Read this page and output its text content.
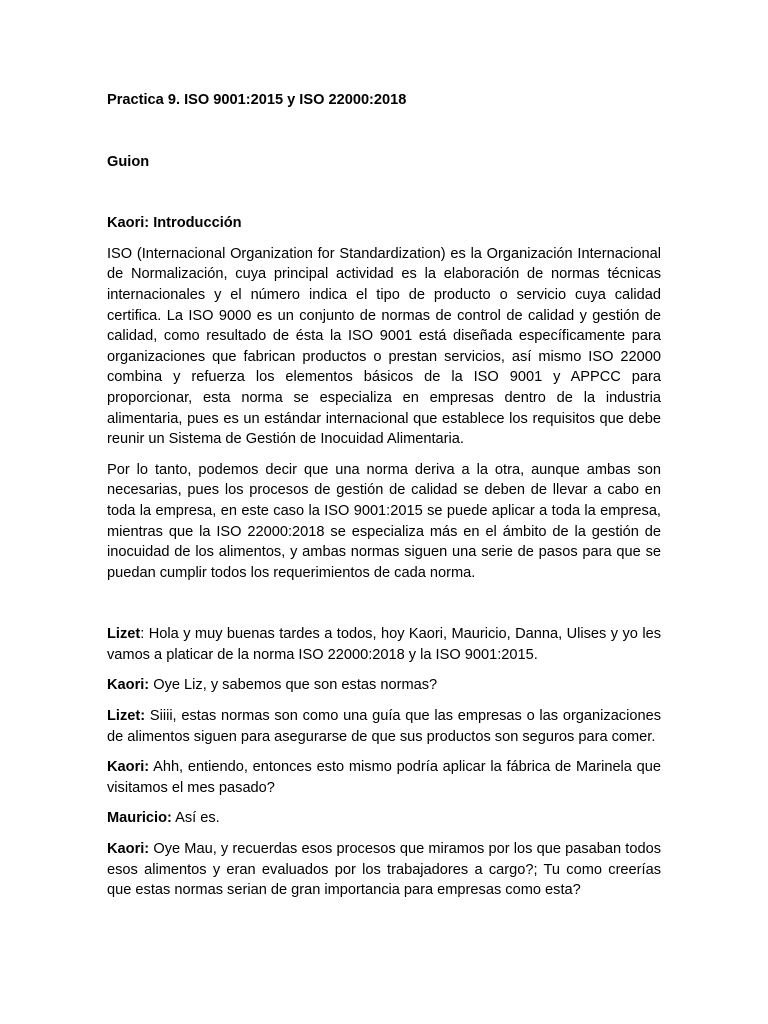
Practica 9. ISO 9001:2015 y ISO 22000:2018

Guion

Kaori: Introducción

ISO (Internacional Organization for Standardization) es la Organización Internacional de Normalización, cuya principal actividad es la elaboración de normas técnicas internacionales y el número indica el tipo de producto o servicio cuya calidad certifica. La ISO 9000 es un conjunto de normas de control de calidad y gestión de calidad, como resultado de ésta la ISO 9001 está diseñada específicamente para organizaciones que fabrican productos o prestan servicios, así mismo ISO 22000 combina y refuerza los elementos básicos de la ISO 9001 y APPCC para proporcionar, esta norma se especializa en empresas dentro de la industria alimentaria, pues es un estándar internacional que establece los requisitos que debe reunir un Sistema de Gestión de Inocuidad Alimentaria.

Por lo tanto, podemos decir que una norma deriva a la otra, aunque ambas son necesarias, pues los procesos de gestión de calidad se deben de llevar a cabo en toda la empresa, en este caso la ISO 9001:2015 se puede aplicar a toda la empresa, mientras que la ISO 22000:2018 se especializa más en el ámbito de la gestión de inocuidad de los alimentos, y ambas normas siguen una serie de pasos para que se puedan cumplir todos los requerimientos de cada norma.

Lizet: Hola y muy buenas tardes a todos, hoy Kaori, Mauricio, Danna, Ulises y yo les vamos a platicar de la norma ISO 22000:2018 y la ISO 9001:2015.

Kaori: Oye Liz, y sabemos que son estas normas?

Lizet: Siiii, estas normas son como una guía que las empresas o las organizaciones de alimentos siguen para asegurarse de que sus productos son seguros para comer.

Kaori: Ahh, entiendo, entonces esto mismo podría aplicar la fábrica de Marinela que visitamos el mes pasado?

Mauricio: Así es.

Kaori: Oye Mau, y recuerdas esos procesos que miramos por los que pasaban todos esos alimentos y eran evaluados por los trabajadores a cargo?; Tu como creerías que estas normas serian de gran importancia para empresas como esta?
